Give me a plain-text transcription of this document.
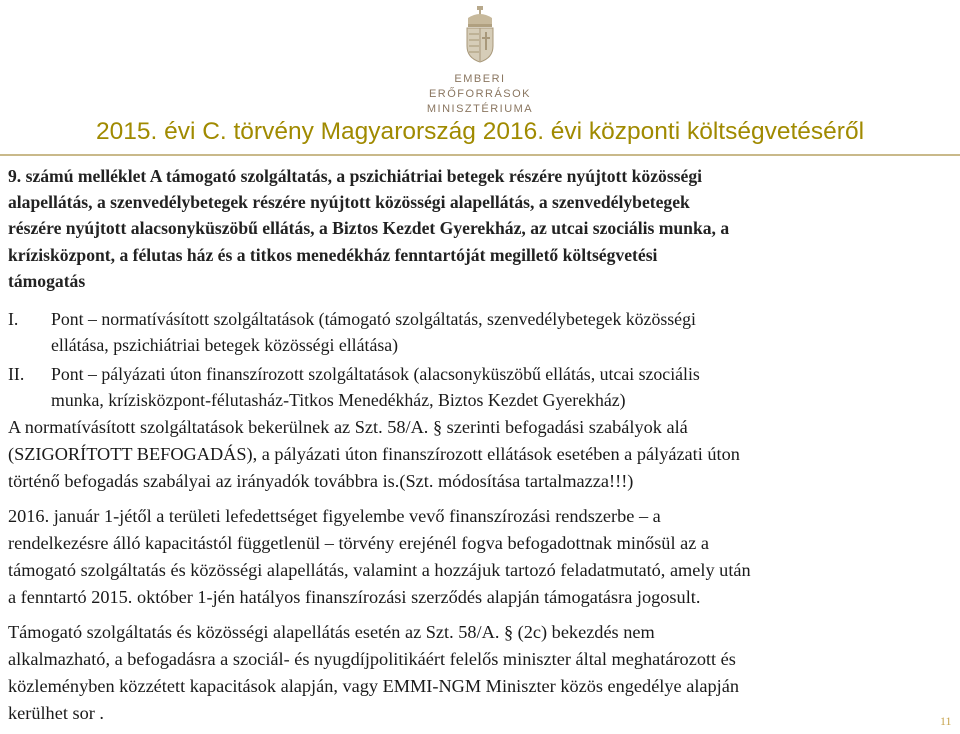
EMBERI ERŐFORRÁSOK
MINISZTÉRIUMA
2015. évi C. törvény Magyarország 2016. évi központi költségvetéséről
9. számú melléklet A támogató szolgáltatás, a pszichiátriai betegek részére nyújtott közösségi
alapellátás, a szenvedélybetegek részére nyújtott közösségi alapellátás, a szenvedélybetegek
részére nyújtott alacsonyküszöbű ellátás, a Biztos Kezdet Gyerekház, az utcai szociális munka, a
krízisközpont, a félutas ház és a titkos menedékház fenntartóját megillető költségvetési
támogatás
I. Pont – normatívásított szolgáltatások (támogató szolgáltatás, szenvedélybetegek közösségi
ellátása, pszichiátriai betegek közösségi ellátása)
II. Pont – pályázati úton finanszírozott szolgáltatások (alacsonyküszöbű ellátás, utcai szociális
munka, krízisközpont-félutasház-Titkos Menedékház, Biztos Kezdet Gyerekház)
A normatívásított szolgáltatások bekerülnek az Szt. 58/A. § szerinti befogadási szabályok alá
(SZIGORÍTOTT BEFOGADÁS), a pályázati úton finanszírozott ellátások esetében a pályázati úton
történő befogadás szabályai az irányadók továbbra is.(Szt. módosítása tartalmazza!!!)
2016. január 1-jétől a területi lefedettséget figyelembe vevő finanszírozási rendszerbe – a
rendelkezésre álló kapacitástól függetlenül – törvény erejénél fogva befogadottnak minősül az a
támogató szolgáltatás és közösségi alapellátás, valamint a hozzájuk tartozó feladatmutató, amely után
a fenntartó 2015. október 1-jén hatályos finanszírozási szerződés alapján támogatásra jogosult.
Támogató szolgáltatás és közösségi alapellátás esetén az Szt. 58/A. § (2c) bekezdés nem
alkalmazható, a befogadásra a szociál- és nyugdíjpolitikáért felelős miniszter által meghatározott és
közleményben közzétett kapacitások alapján, vagy EMMI-NGM Miniszter közös engedélye alapján
kerülhet sor .	11
